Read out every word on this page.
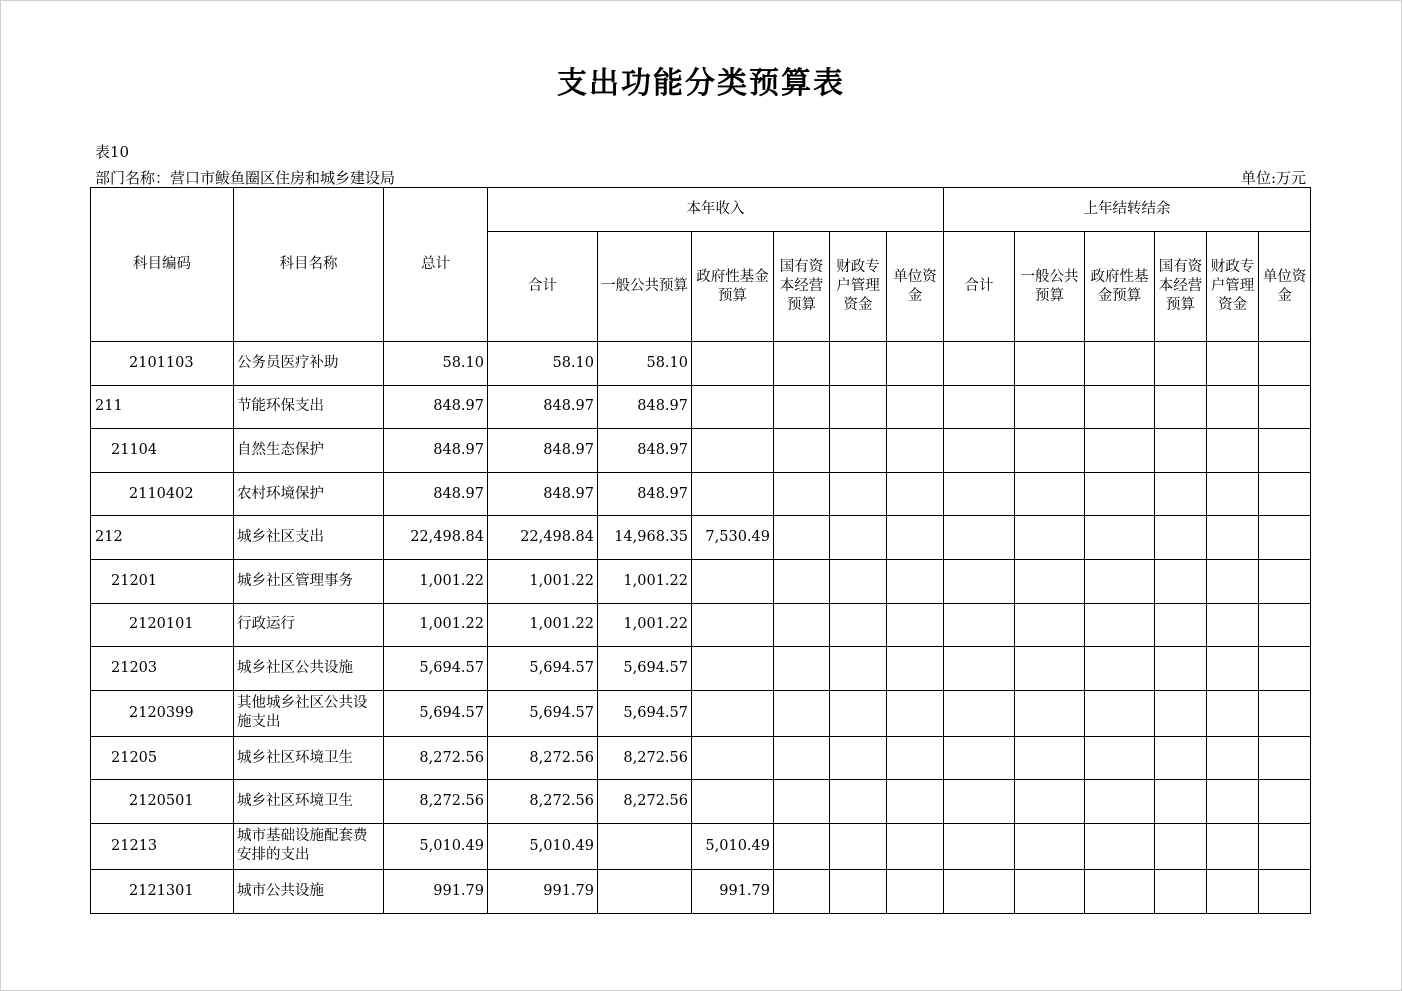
支出功能分类预算表
表10
部门名称：营口市鲅鱼圈区住房和城乡建设局	单位:万元
科目编码	科目名称	总计	本年收入						上年结转结余					
			合计	一般公共预算	政府性基金预算	国有资本经营预算	财政专户管理资金	单位资金	合计	一般公共预算	政府性基金预算	国有资本经营预算	财政专户管理资金	单位资金
2101103	公务员医疗补助	58.10	58.10	58.10										
211	节能环保支出	848.97	848.97	848.97										
21104	自然生态保护	848.97	848.97	848.97										
2110402	农村环境保护	848.97	848.97	848.97										
212	城乡社区支出	22,498.84	22,498.84	14,968.35	7,530.49									
21201	城乡社区管理事务	1,001.22	1,001.22	1,001.22										
2120101	行政运行	1,001.22	1,001.22	1,001.22										
21203	城乡社区公共设施	5,694.57	5,694.57	5,694.57										
2120399	其他城乡社区公共设施支出	5,694.57	5,694.57	5,694.57										
21205	城乡社区环境卫生	8,272.56	8,272.56	8,272.56										
2120501	城乡社区环境卫生	8,272.56	8,272.56	8,272.56										
21213	城市基础设施配套费安排的支出	5,010.49	5,010.49		5,010.49									
2121301	城市公共设施	991.79	991.79		991.79									
